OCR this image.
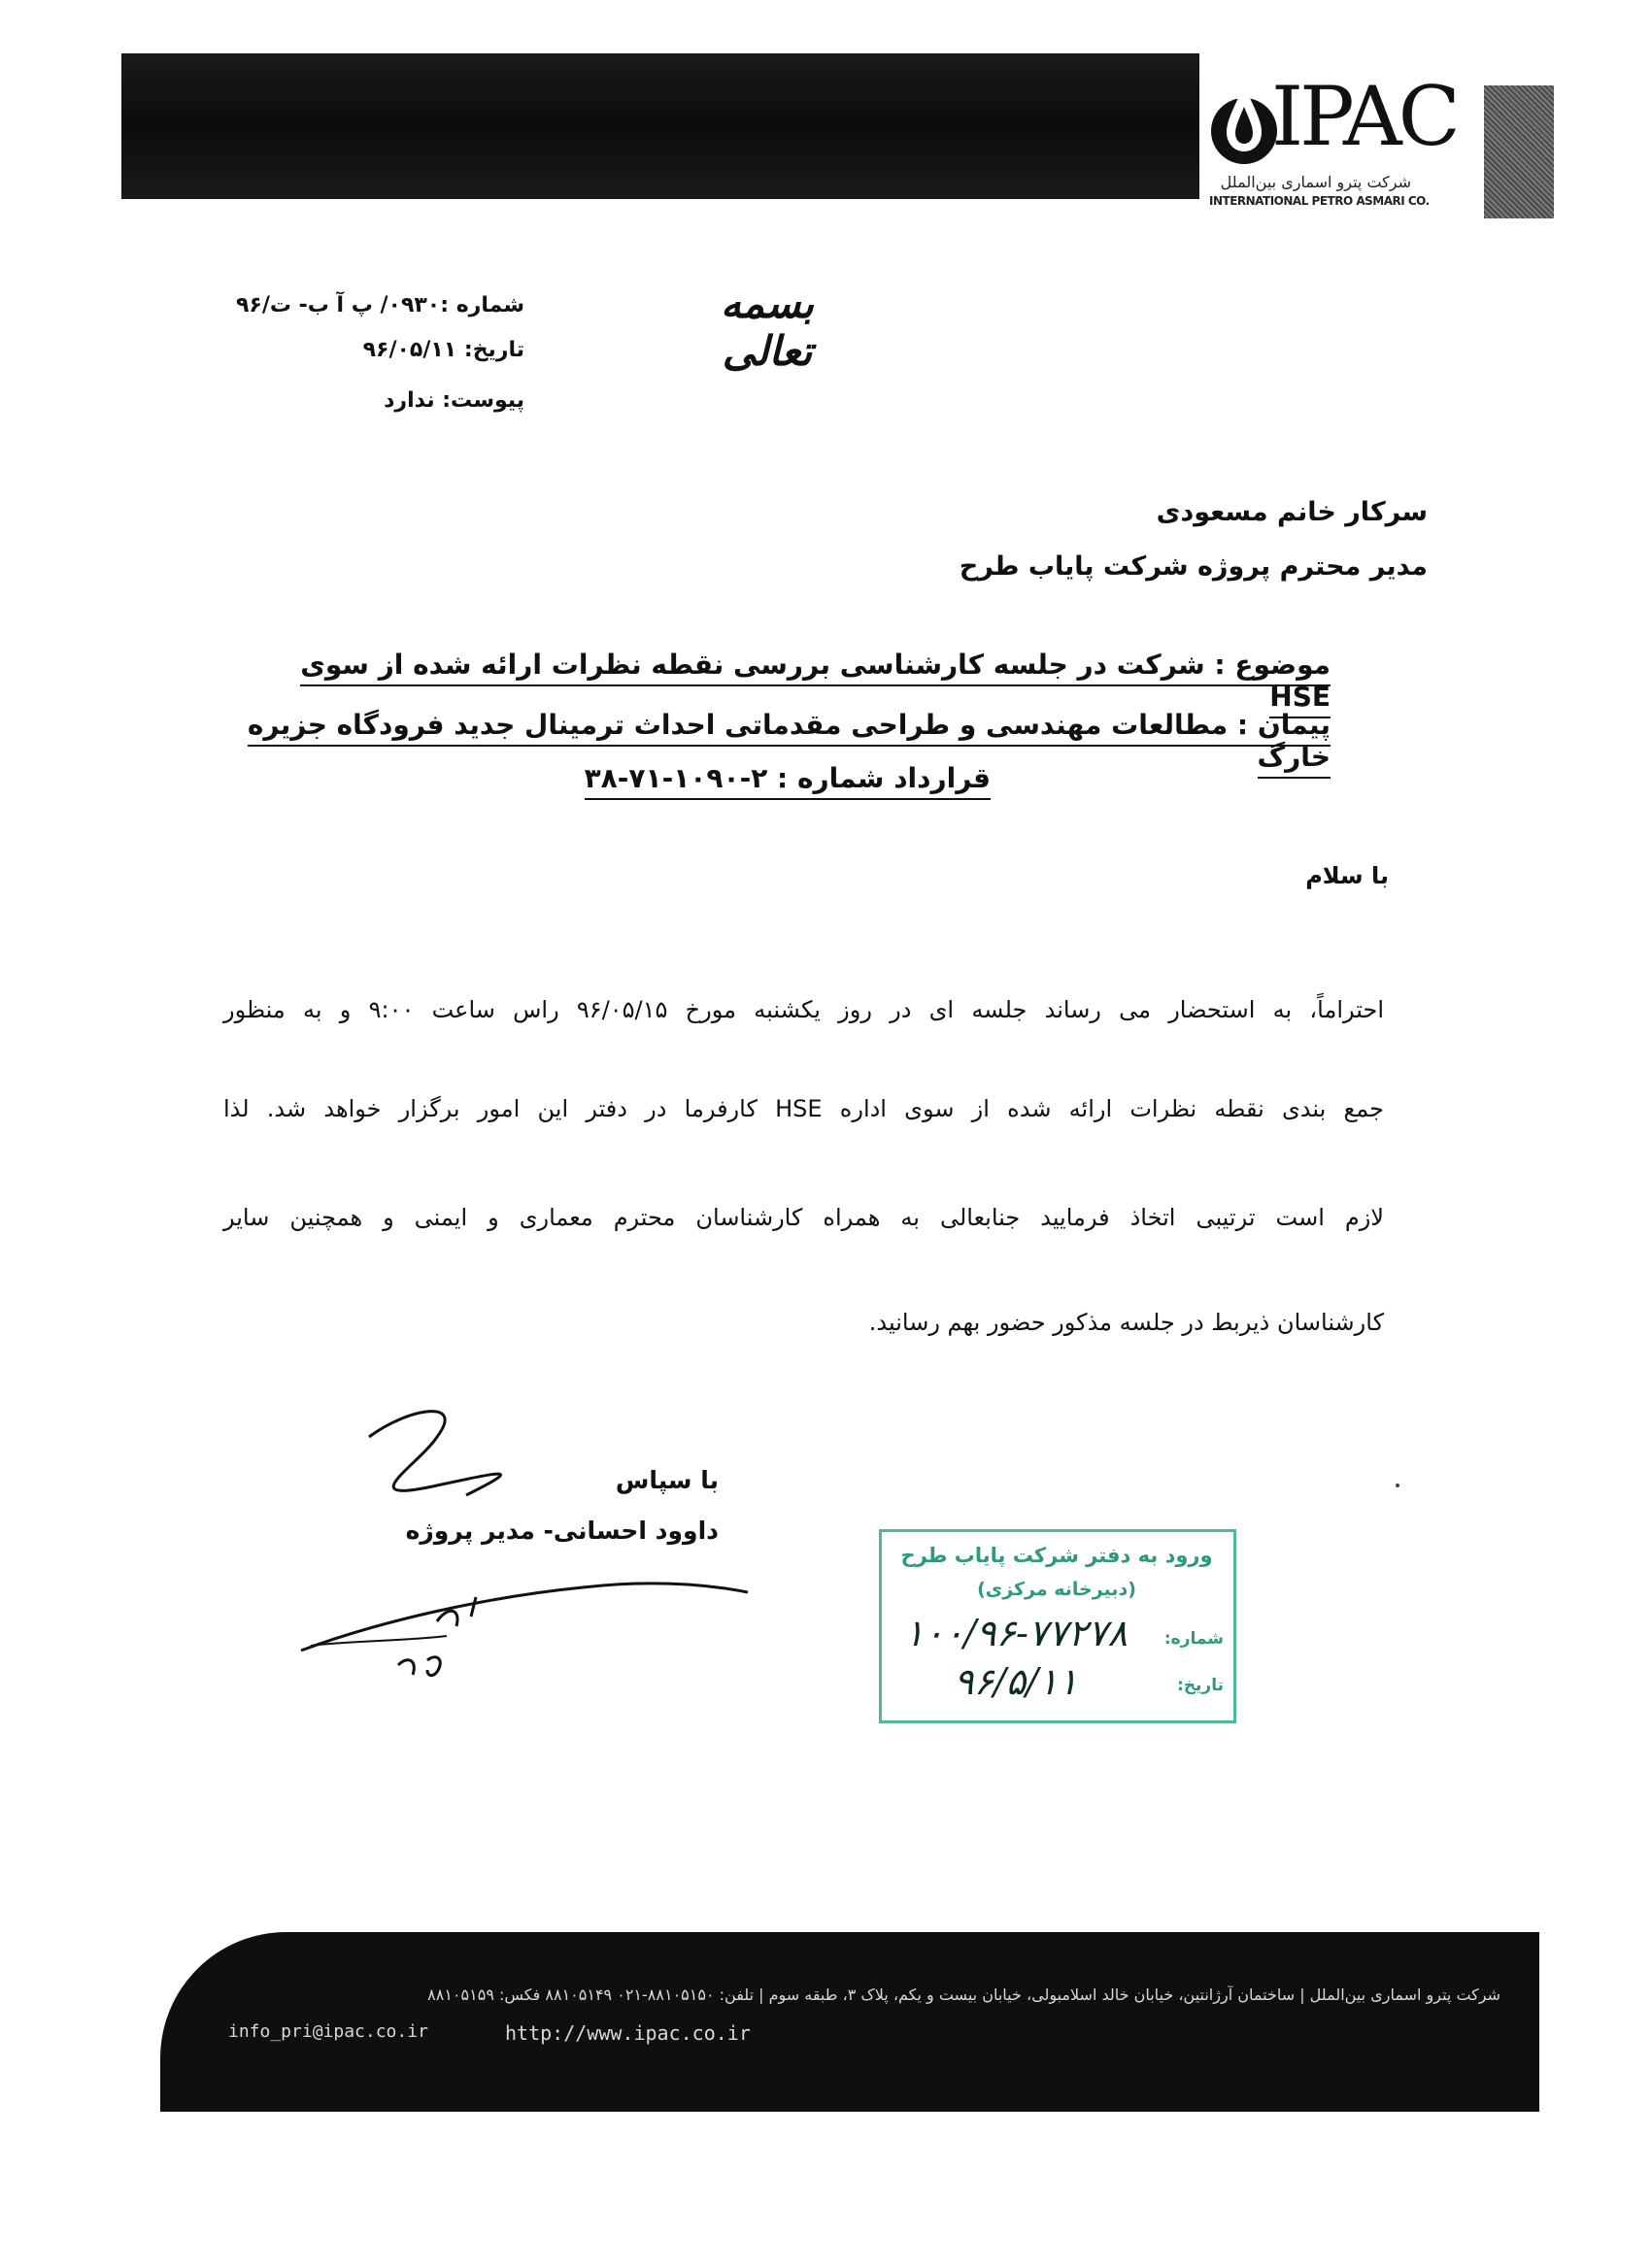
IPAC
شرکت پترو اسماری بین‌الملل
INTERNATIONAL PETRO ASMARI CO.
بسمه تعالی
شماره :۰۹۳۰/ پ آ ب- ت/۹۶
تاریخ: ۹۶/۰۵/۱۱
پیوست: ندارد
سرکار خانم مسعودی
مدیر محترم پروژه شرکت پایاب طرح
موضوع : شرکت در جلسه کارشناسی بررسی نقطه نظرات ارائه شده از سوی HSE
پیمان : مطالعات مهندسی و طراحی مقدماتی احداث ترمینال جدید فرودگاه جزیره خارگ
قرارداد شماره : ۲-۱۰۹۰-۷۱-۳۸
با سلام
احتراماً، به استحضار می رساند جلسه ای در روز یکشنبه مورخ ۹۶/۰۵/۱۵ راس ساعت ۹:۰۰ و به منظور
جمع بندی نقطه نظرات ارائه شده از سوی اداره HSE کارفرما در دفتر این امور برگزار خواهد شد. لذا
لازم است ترتیبی اتخاذ فرمایید جنابعالی به همراه کارشناسان محترم معماری و ایمنی و همچنین سایر
کارشناسان ذیربط در جلسه مذکور حضور بهم رسانید.
با سپاس
داوود احسانی- مدیر پروژه
ورود به دفتر شرکت پایاب طرح
(دبیرخانه مرکزی)
شماره:
۱۰۰/۹۶-۷۷۲۷۸
تاریخ:
۹۶/۵/۱۱
شرکت پترو اسماری بین‌الملل | ساختمان آرژانتین، خیابان خالد اسلامبولی، خیابان بیست و یکم، پلاک ۳، طبقه سوم | تلفن: ۸۸۱۰۵۱۵۰-۰۲۱ ۸۸۱۰۵۱۴۹ فکس: ۸۸۱۰۵۱۵۹
info_pri@ipac.co.ir	http://www.ipac.co.ir
